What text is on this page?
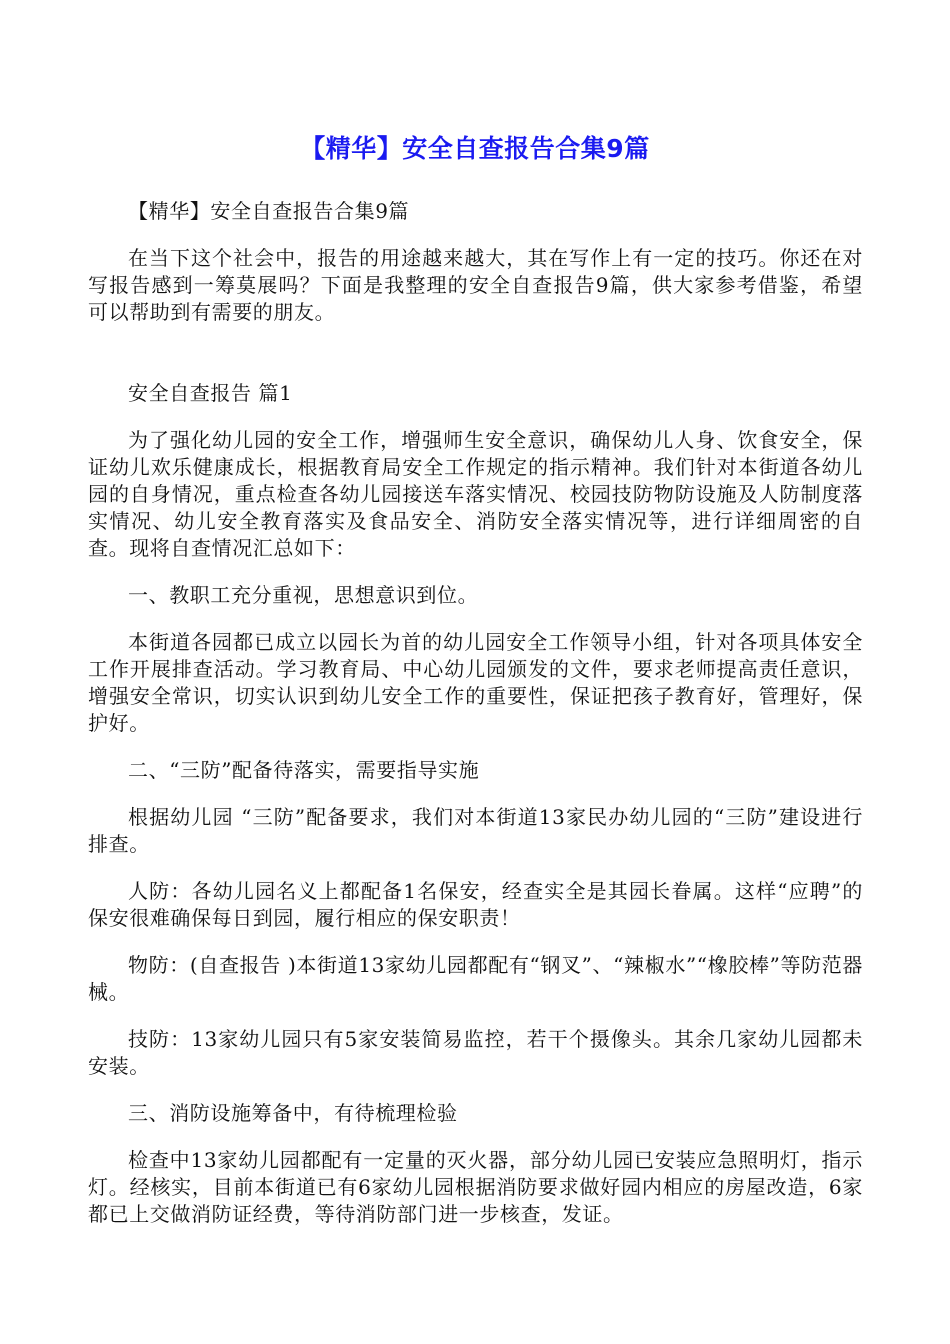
【精华】安全自查报告合集9篇

【精华】安全自查报告合集9篇

在当下这个社会中，报告的用途越来越大，其在写作上有一定的技巧。你还在对写报告感到一筹莫展吗？下面是我整理的安全自查报告9篇，供大家参考借鉴，希望可以帮助到有需要的朋友。

安全自查报告 篇1

为了强化幼儿园的安全工作，增强师生安全意识，确保幼儿人身、饮食安全，保证幼儿欢乐健康成长，根据教育局安全工作规定的指示精神。我们针对本街道各幼儿园的自身情况，重点检查各幼儿园接送车落实情况、校园技防物防设施及人防制度落实情况、幼儿安全教育落实及食品安全、消防安全落实情况等，进行详细周密的自查。现将自查情况汇总如下：

一、教职工充分重视，思想意识到位。

本街道各园都已成立以园长为首的幼儿园安全工作领导小组，针对各项具体安全工作开展排查活动。学习教育局、中心幼儿园颁发的文件，要求老师提高责任意识，增强安全常识，切实认识到幼儿安全工作的重要性，保证把孩子教育好，管理好，保护好。

二、“三防”配备待落实，需要指导实施

根据幼儿园 “三防”配备要求，我们对本街道13家民办幼儿园的“三防”建设进行排查。

人防：各幼儿园名义上都配备1名保安，经查实全是其园长眷属。这样“应聘”的保安很难确保每日到园，履行相应的保安职责！

物防：(自查报告 )本街道13家幼儿园都配有“钢叉”、“辣椒水”“橡胶棒”等防范器械。

技防：13家幼儿园只有5家安装简易监控，若干个摄像头。其余几家幼儿园都未安装。

三、消防设施筹备中，有待梳理检验

检查中13家幼儿园都配有一定量的灭火器，部分幼儿园已安装应急照明灯，指示灯。经核实，目前本街道已有6家幼儿园根据消防要求做好园内相应的房屋改造，6家都已上交做消防证经费，等待消防部门进一步核查，发证。
